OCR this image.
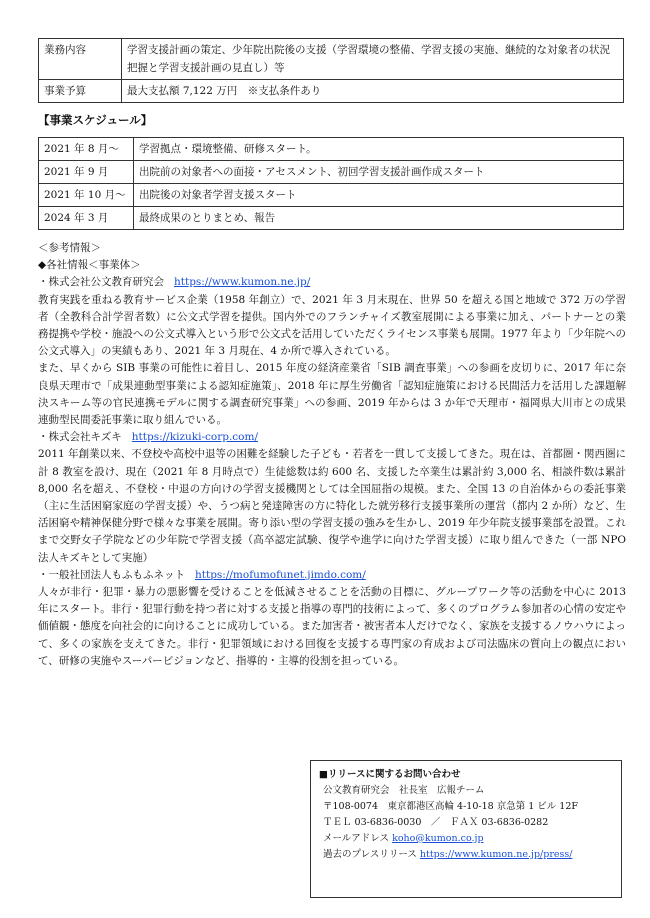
業務内容	学習支援計画の策定、少年院出院後の支援（学習環境の整備、学習支援の実施、継続的な対象者の状況把握と学習支援計画の見直し）等
事業予算	最大支払額 7,122 万円　※支払条件あり
【事業スケジュール】
2021 年 8 月～	学習拠点・環境整備、研修スタート。
2021 年 9 月	出院前の対象者への面接・アセスメント、初回学習支援計画作成スタート
2021 年 10 月～	出院後の対象者学習支援スタート
2024 年 3 月	最終成果のとりまとめ、報告

＜参考情報＞

◆各社情報＜事業体＞

・株式会社公文教育研究会 https://www.kumon.ne.jp/

教育実践を重ねる教育サービス企業（1958 年創立）で、2021 年 3 月末現在、世界 50 を超える国と地域で 372 万の学習者（全教科合計学習者数）に公文式学習を提供。国内外でのフランチャイズ教室展開による事業に加え、パートナーとの業務提携や学校・施設への公文式導入という形で公文式を活用していただくライセンス事業も展開。1977 年より「少年院への公文式導入」の実績もあり、2021 年 3 月現在、4 か所で導入されている。

また、早くから SIB 事業の可能性に着目し、2015 年度の経済産業省「SIB 調査事業」への参画を皮切りに、2017 年に奈良県天理市で「成果連動型事業による認知症施策」、2018 年に厚生労働省「認知症施策における民間活力を活用した課題解決スキーム等の官民連携モデルに関する調査研究事業」への参画、2019 年からは 3 か年で天理市・福岡県大川市との成果連動型民間委託事業に取り組んでいる。

・株式会社キズキ https://kizuki-corp.com/

2011 年創業以来、不登校や高校中退等の困難を経験した子ども・若者を一貫して支援してきた。現在は、首都圏・関西圏に計 8 教室を設け、現在（2021 年 8 月時点で）生徒総数は約 600 名、支援した卒業生は累計約 3,000 名、相談件数は累計 8,000 名を超え、不登校・中退の方向けの学習支援機関としては全国屈指の規模。また、全国 13 の自治体からの委託事業（主に生活困窮家庭の学習支援）や、うつ病と発達障害の方に特化した就労移行支援事業所の運営（都内 2 か所）など、生活困窮や精神保健分野で様々な事業を展開。寄り添い型の学習支援の強みを生かし、2019 年少年院支援事業部を設置。これまで交野女子学院などの少年院で学習支援（高卒認定試験、復学や進学に向けた学習支援）に取り組んできた（一部 NPO 法人キズキとして実施）

・一般社団法人もふもふネット https://mofumofunet.jimdo.com/

人々が非行・犯罪・暴力の悪影響を受けることを低減させることを活動の目標に、グループワーク等の活動を中心に 2013 年にスタート。非行・犯罪行動を持つ者に対する支援と指導の専門的技術によって、多くのプログラム参加者の心情の安定や価値観・態度を向社会的に向けることに成功している。また加害者・被害者本人だけでなく、家族を支援するノウハウによって、多くの家族を支えてきた。非行・犯罪領域における回復を支援する専門家の育成および司法臨床の質向上の観点において、研修の実施やスーパービジョンなど、指導的・主導的役割を担っている。

■リリースに関するお問い合わせ
公文教育研究会　社長室　広報チーム
〒108-0074　東京都港区高輪 4-10-18 京急第 1 ビル 12F
ＴＥＬ 03-6836-0030　／　ＦＡＸ 03-6836-0282
メールアドレス koho@kumon.co.jp
過去のプレスリリース https://www.kumon.ne.jp/press/
